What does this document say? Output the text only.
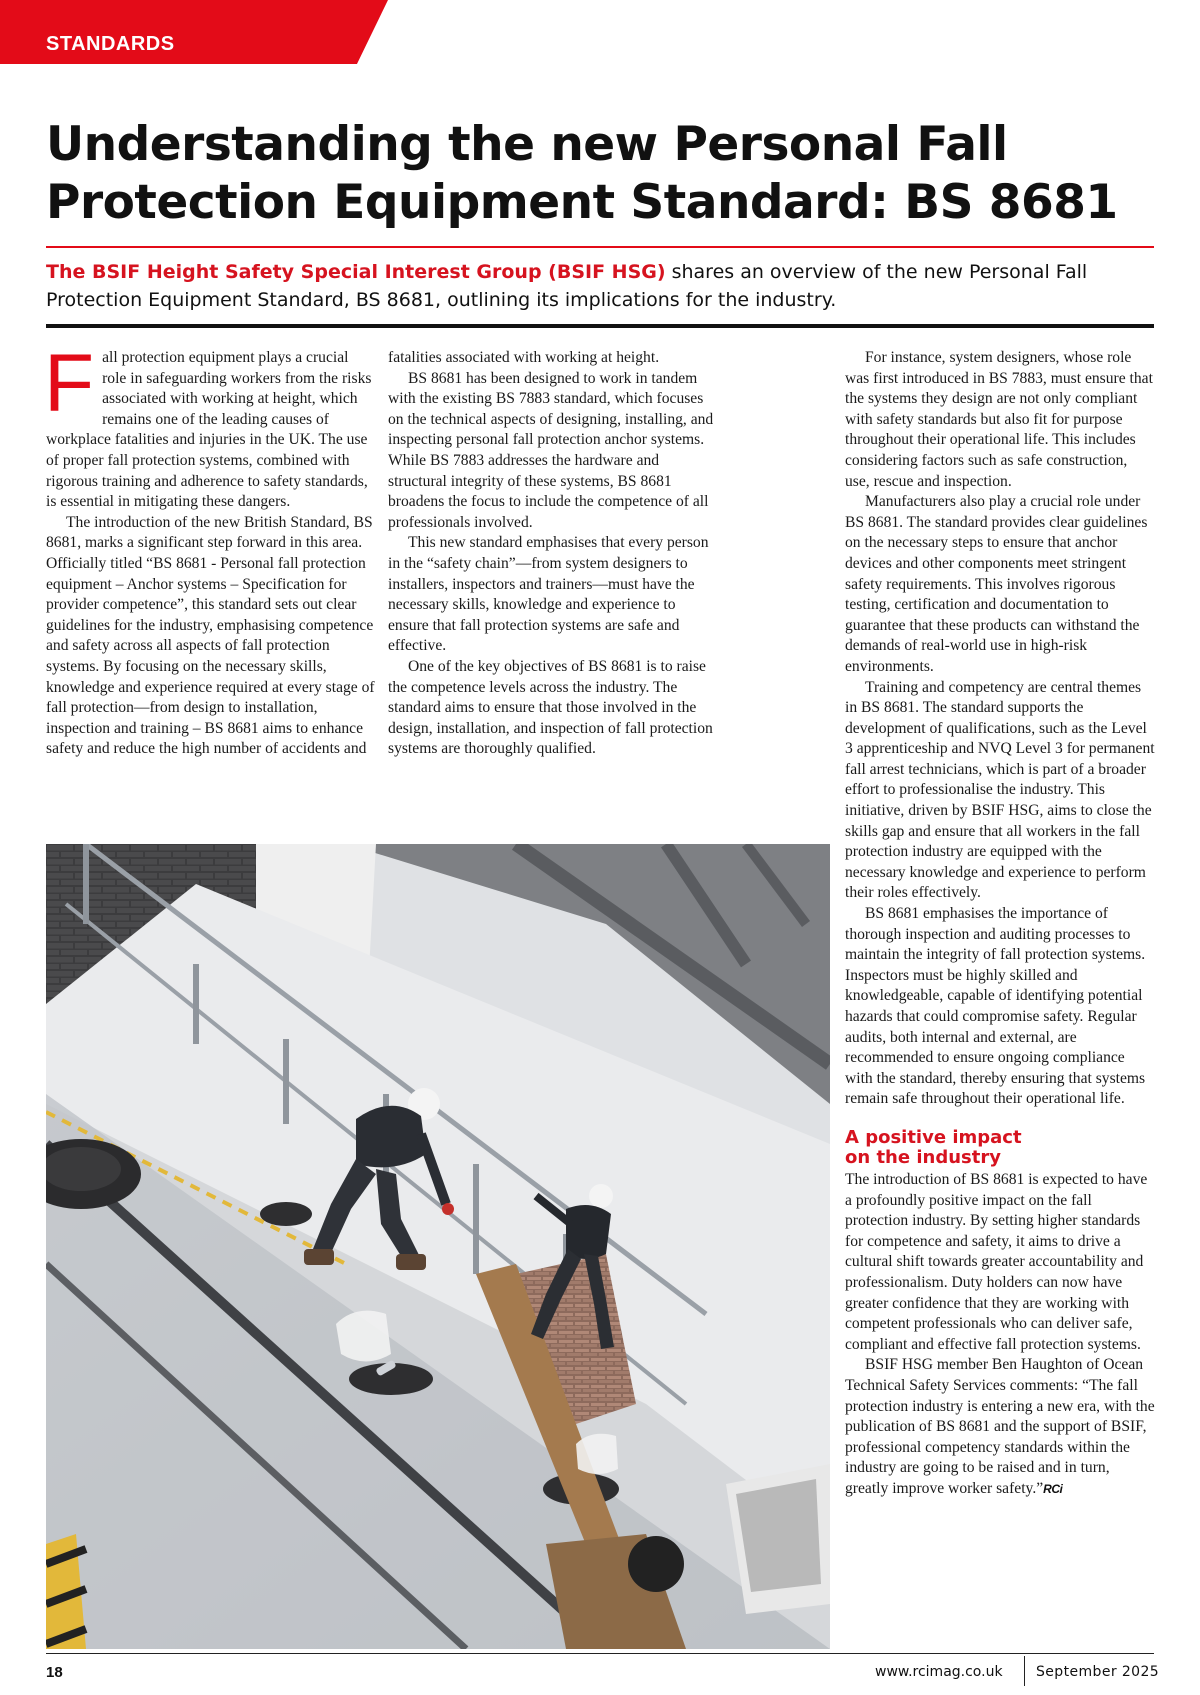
STANDARDS
Understanding the new Personal Fall Protection Equipment Standard: BS 8681
The BSIF Height Safety Special Interest Group (BSIF HSG) shares an overview of the new Personal Fall Protection Equipment Standard, BS 8681, outlining its implications for the industry.

Fall protection equipment plays a crucial role in safeguarding workers from the risks associated with working at height, which remains one of the leading causes of workplace fatalities and injuries in the UK. The use of proper fall protection systems, combined with rigorous training and adherence to safety standards, is essential in mitigating these dangers.

The introduction of the new British Standard, BS 8681, marks a significant step forward in this area. Officially titled “BS 8681 - Personal fall protection equipment – Anchor systems – Specification for provider competence”, this standard sets out clear guidelines for the industry, emphasising competence and safety across all aspects of fall protection systems. By focusing on the necessary skills, knowledge and experience required at every stage of fall protection—from design to installation, inspection and training – BS 8681 aims to enhance safety and reduce the high number of accidents and

fatalities associated with working at height.

BS 8681 has been designed to work in tandem with the existing BS 7883 standard, which focuses on the technical aspects of designing, installing, and inspecting personal fall protection anchor systems. While BS 7883 addresses the hardware and structural integrity of these systems, BS 8681 broadens the focus to include the competence of all professionals involved.

This new standard emphasises that every person in the “safety chain”—from system designers to installers, inspectors and trainers—must have the necessary skills, knowledge and experience to ensure that fall protection systems are safe and effective.

One of the key objectives of BS 8681 is to raise the competence levels across the industry. The standard aims to ensure that those involved in the design, installation, and inspection of fall protection systems are thoroughly qualified.

For instance, system designers, whose role was first introduced in BS 7883, must ensure that the systems they design are not only compliant with safety standards but also fit for purpose throughout their operational life. This includes considering factors such as safe construction, use, rescue and inspection.

Manufacturers also play a crucial role under BS 8681. The standard provides clear guidelines on the necessary steps to ensure that anchor devices and other components meet stringent safety requirements. This involves rigorous testing, certification and documentation to guarantee that these products can withstand the demands of real-world use in high-risk environments.

Training and competency are central themes in BS 8681. The standard supports the development of qualifications, such as the Level 3 apprenticeship and NVQ Level 3 for permanent fall arrest technicians, which is part of a broader effort to professionalise the industry. This initiative, driven by BSIF HSG, aims to close the skills gap and ensure that all workers in the fall protection industry are equipped with the necessary knowledge and experience to perform their roles effectively.

BS 8681 emphasises the importance of thorough inspection and auditing processes to maintain the integrity of fall protection systems. Inspectors must be highly skilled and knowledgeable, capable of identifying potential hazards that could compromise safety. Regular audits, both internal and external, are recommended to ensure ongoing compliance with the standard, thereby ensuring that systems remain safe throughout their operational life.

A positive impact
on the industry

The introduction of BS 8681 is expected to have a profoundly positive impact on the fall protection industry. By setting higher standards for competence and safety, it aims to drive a cultural shift towards greater accountability and professionalism. Duty holders can now have greater confidence that they are working with competent professionals who can deliver safe, compliant and effective fall protection systems.

BSIF HSG member Ben Haughton of Ocean Technical Safety Services comments: “The fall protection industry is entering a new era, with the publication of BS 8681 and the support of BSIF, professional competency standards within the industry are going to be raised and in turn, greatly improve worker safety.”RCi

18	www.rcimag.co.uk September 2025
